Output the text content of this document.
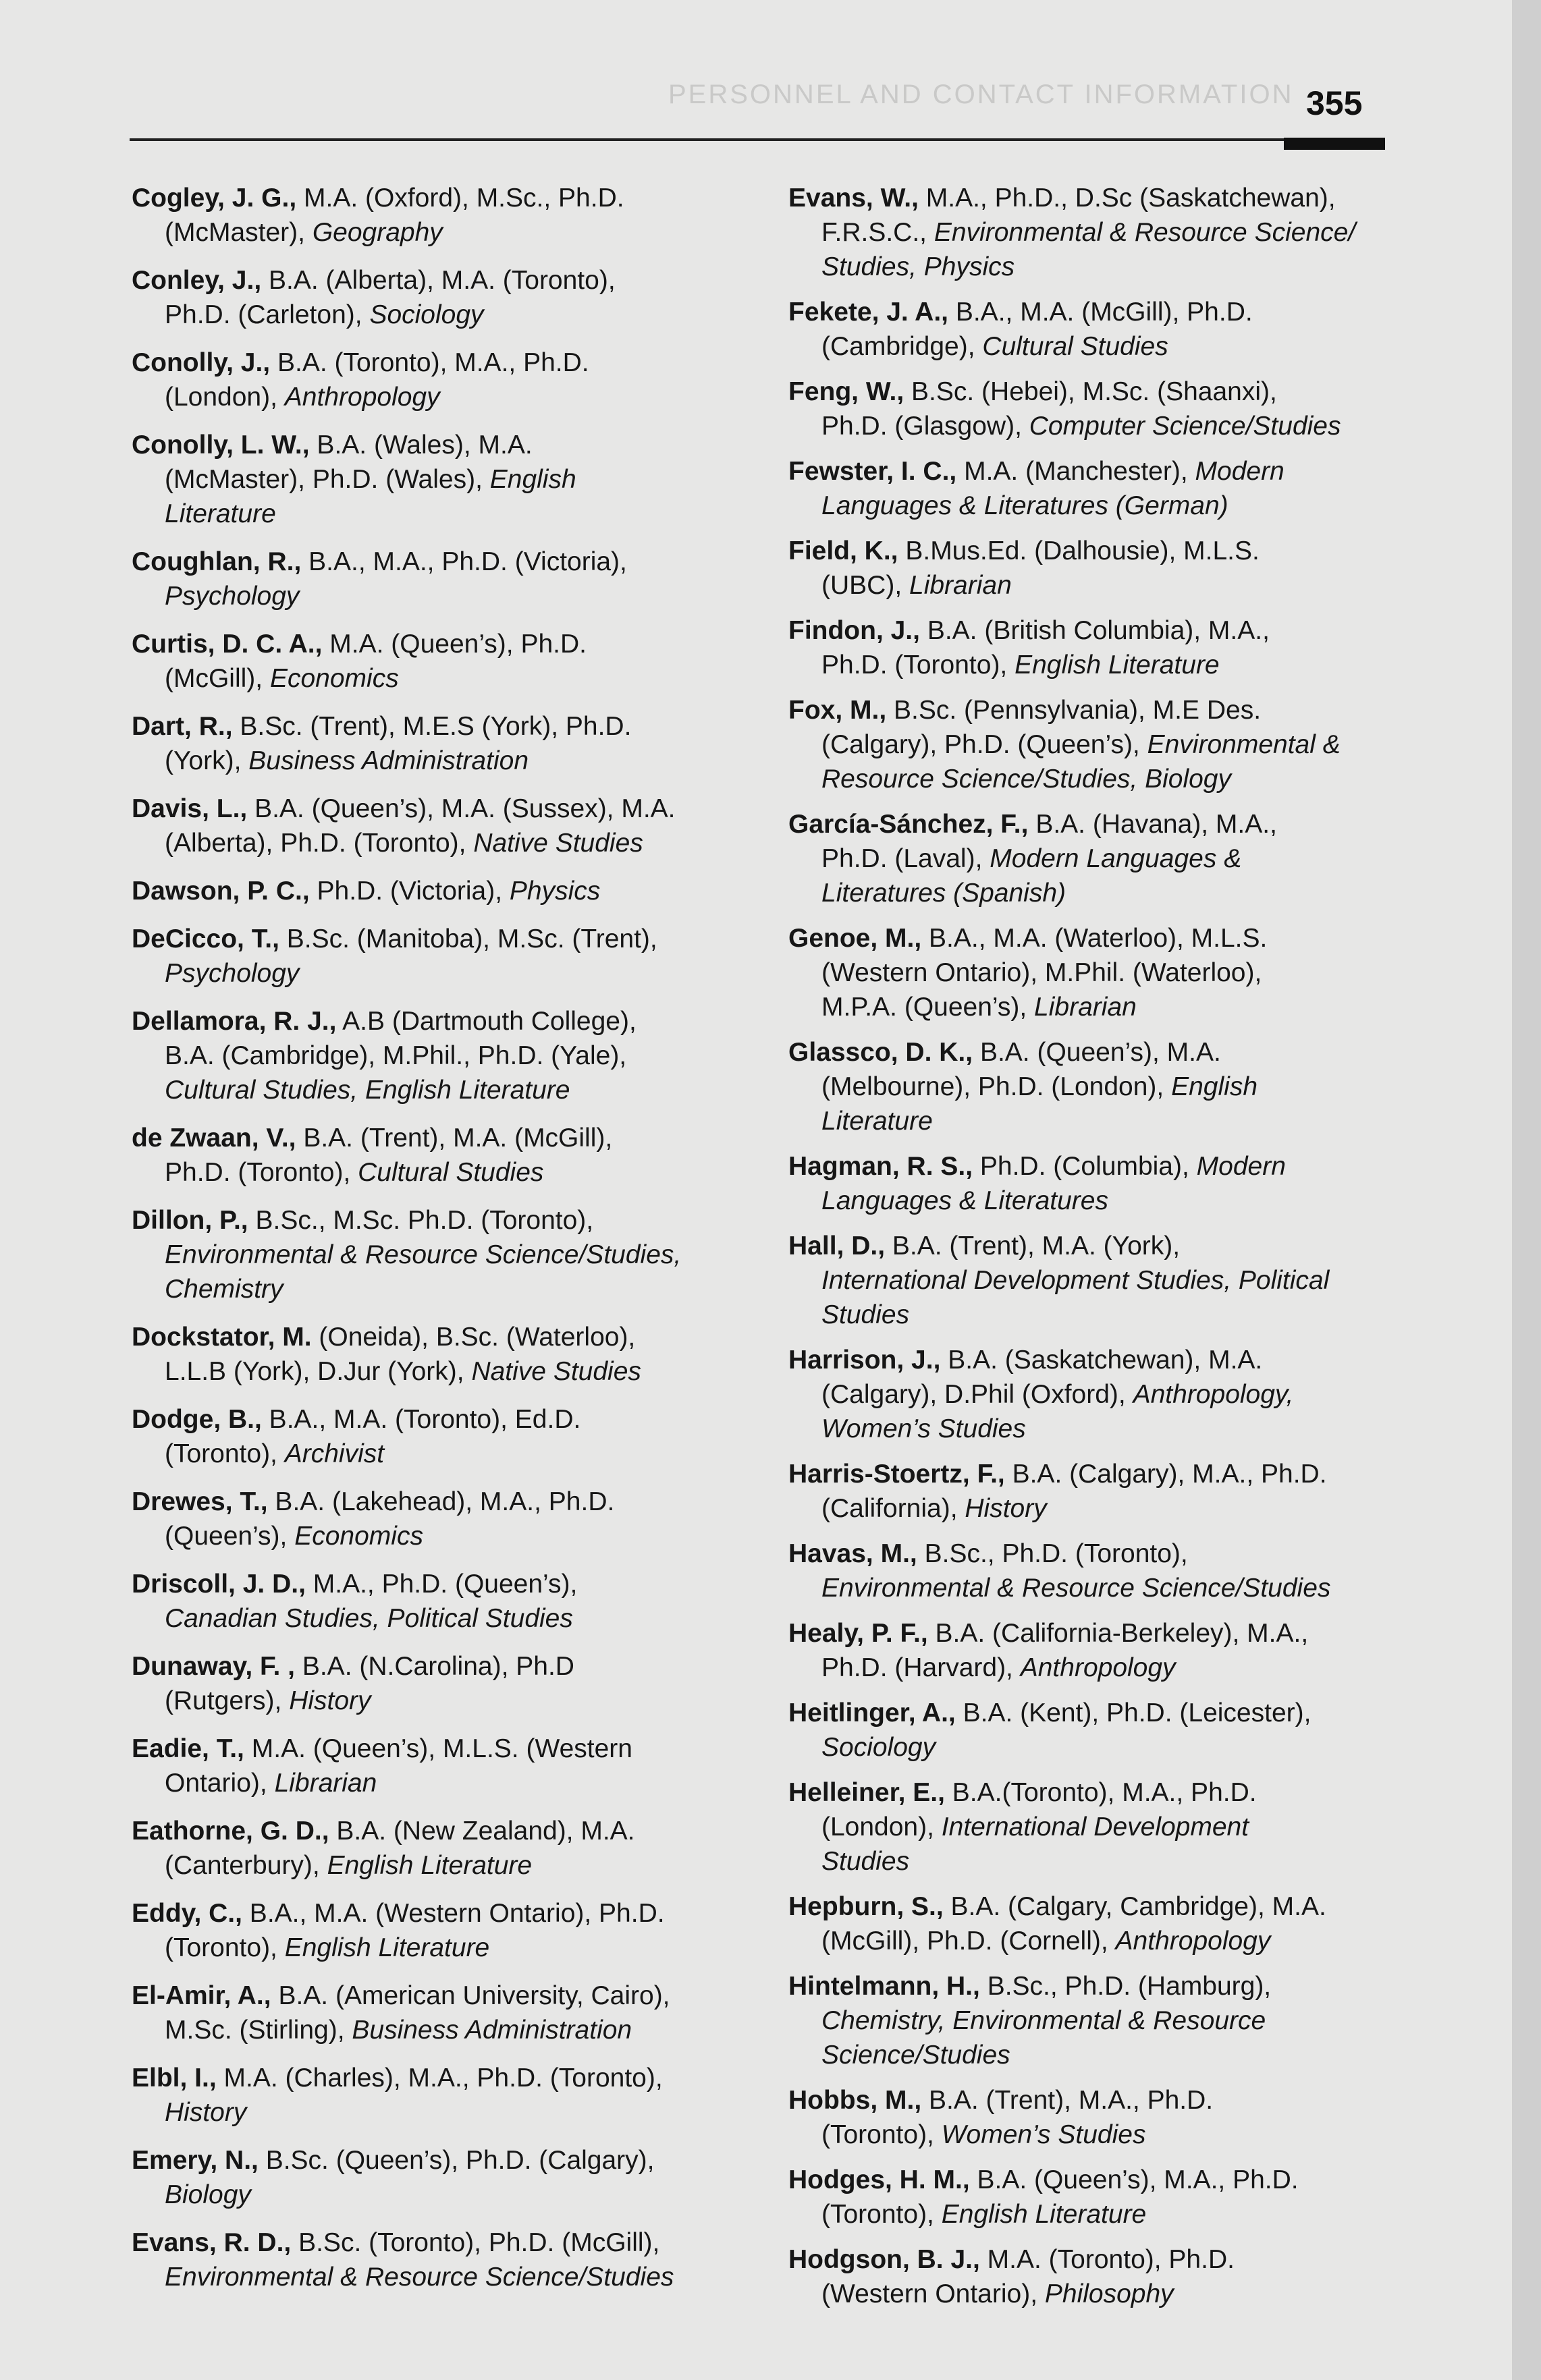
PERSONNEL AND CONTACT INFORMATION 355

Cogley, J. G., M.A. (Oxford), M.Sc., Ph.D.
(McMaster), Geography

Conley, J., B.A. (Alberta), M.A. (Toronto),
Ph.D. (Carleton), Sociology

Conolly, J., B.A. (Toronto), M.A., Ph.D.
(London), Anthropology

Conolly, L. W., B.A. (Wales), M.A.
(McMaster), Ph.D. (Wales), English
Literature

Coughlan, R., B.A., M.A., Ph.D. (Victoria),
Psychology

Curtis, D. C. A., M.A. (Queen’s), Ph.D.
(McGill), Economics

Dart, R., B.Sc. (Trent), M.E.S (York), Ph.D.
(York), Business Administration

Davis, L., B.A. (Queen’s), M.A. (Sussex), M.A.
(Alberta), Ph.D. (Toronto), Native Studies

Dawson, P. C., Ph.D. (Victoria), Physics

DeCicco, T., B.Sc. (Manitoba), M.Sc. (Trent),
Psychology

Dellamora, R. J., A.B (Dartmouth College),
B.A. (Cambridge), M.Phil., Ph.D. (Yale),
Cultural Studies, English Literature

de Zwaan, V., B.A. (Trent), M.A. (McGill),
Ph.D. (Toronto), Cultural Studies

Dillon, P., B.Sc., M.Sc. Ph.D. (Toronto),
Environmental & Resource Science/Studies,
Chemistry

Dockstator, M. (Oneida), B.Sc. (Waterloo),
L.L.B (York), D.Jur (York), Native Studies

Dodge, B., B.A., M.A. (Toronto), Ed.D.
(Toronto), Archivist

Drewes, T., B.A. (Lakehead), M.A., Ph.D.
(Queen’s), Economics

Driscoll, J. D., M.A., Ph.D. (Queen’s),
Canadian Studies, Political Studies

Dunaway, F. , B.A. (N.Carolina), Ph.D
(Rutgers), History

Eadie, T., M.A. (Queen’s), M.L.S. (Western
Ontario), Librarian

Eathorne, G. D., B.A. (New Zealand), M.A.
(Canterbury), English Literature

Eddy, C., B.A., M.A. (Western Ontario), Ph.D.
(Toronto), English Literature

El-Amir, A., B.A. (American University, Cairo),
M.Sc. (Stirling), Business Administration

Elbl, I., M.A. (Charles), M.A., Ph.D. (Toronto),
History

Emery, N., B.Sc. (Queen’s), Ph.D. (Calgary),
Biology

Evans, R. D., B.Sc. (Toronto), Ph.D. (McGill),
Environmental & Resource Science/Studies

Evans, W., M.A., Ph.D., D.Sc (Saskatchewan),
F.R.S.C., Environmental & Resource Science/
Studies, Physics

Fekete, J. A., B.A., M.A. (McGill), Ph.D.
(Cambridge), Cultural Studies

Feng, W., B.Sc. (Hebei), M.Sc. (Shaanxi),
Ph.D. (Glasgow), Computer Science/Studies

Fewster, I. C., M.A. (Manchester), Modern
Languages & Literatures (German)

Field, K., B.Mus.Ed. (Dalhousie), M.L.S.
(UBC), Librarian

Findon, J., B.A. (British Columbia), M.A.,
Ph.D. (Toronto), English Literature

Fox, M., B.Sc. (Pennsylvania), M.E Des.
(Calgary), Ph.D. (Queen’s), Environmental &
Resource Science/Studies, Biology

García-Sánchez, F., B.A. (Havana), M.A.,
Ph.D. (Laval), Modern Languages &
Literatures (Spanish)

Genoe, M., B.A., M.A. (Waterloo), M.L.S.
(Western Ontario), M.Phil. (Waterloo),
M.P.A. (Queen’s), Librarian

Glassco, D. K., B.A. (Queen’s), M.A.
(Melbourne), Ph.D. (London), English
Literature

Hagman, R. S., Ph.D. (Columbia), Modern
Languages & Literatures

Hall, D., B.A. (Trent), M.A. (York),
International Development Studies, Political
Studies

Harrison, J., B.A. (Saskatchewan), M.A.
(Calgary), D.Phil (Oxford), Anthropology,
Women’s Studies

Harris-Stoertz, F., B.A. (Calgary), M.A., Ph.D.
(California), History

Havas, M., B.Sc., Ph.D. (Toronto),
Environmental & Resource Science/Studies

Healy, P. F., B.A. (California-Berkeley), M.A.,
Ph.D. (Harvard), Anthropology

Heitlinger, A., B.A. (Kent), Ph.D. (Leicester),
Sociology

Helleiner, E., B.A.(Toronto), M.A., Ph.D.
(London), International Development
Studies

Hepburn, S., B.A. (Calgary, Cambridge), M.A.
(McGill), Ph.D. (Cornell), Anthropology

Hintelmann, H., B.Sc., Ph.D. (Hamburg),
Chemistry, Environmental & Resource
Science/Studies

Hobbs, M., B.A. (Trent), M.A., Ph.D.
(Toronto), Women’s Studies

Hodges, H. M., B.A. (Queen’s), M.A., Ph.D.
(Toronto), English Literature

Hodgson, B. J., M.A. (Toronto), Ph.D.
(Western Ontario), Philosophy
